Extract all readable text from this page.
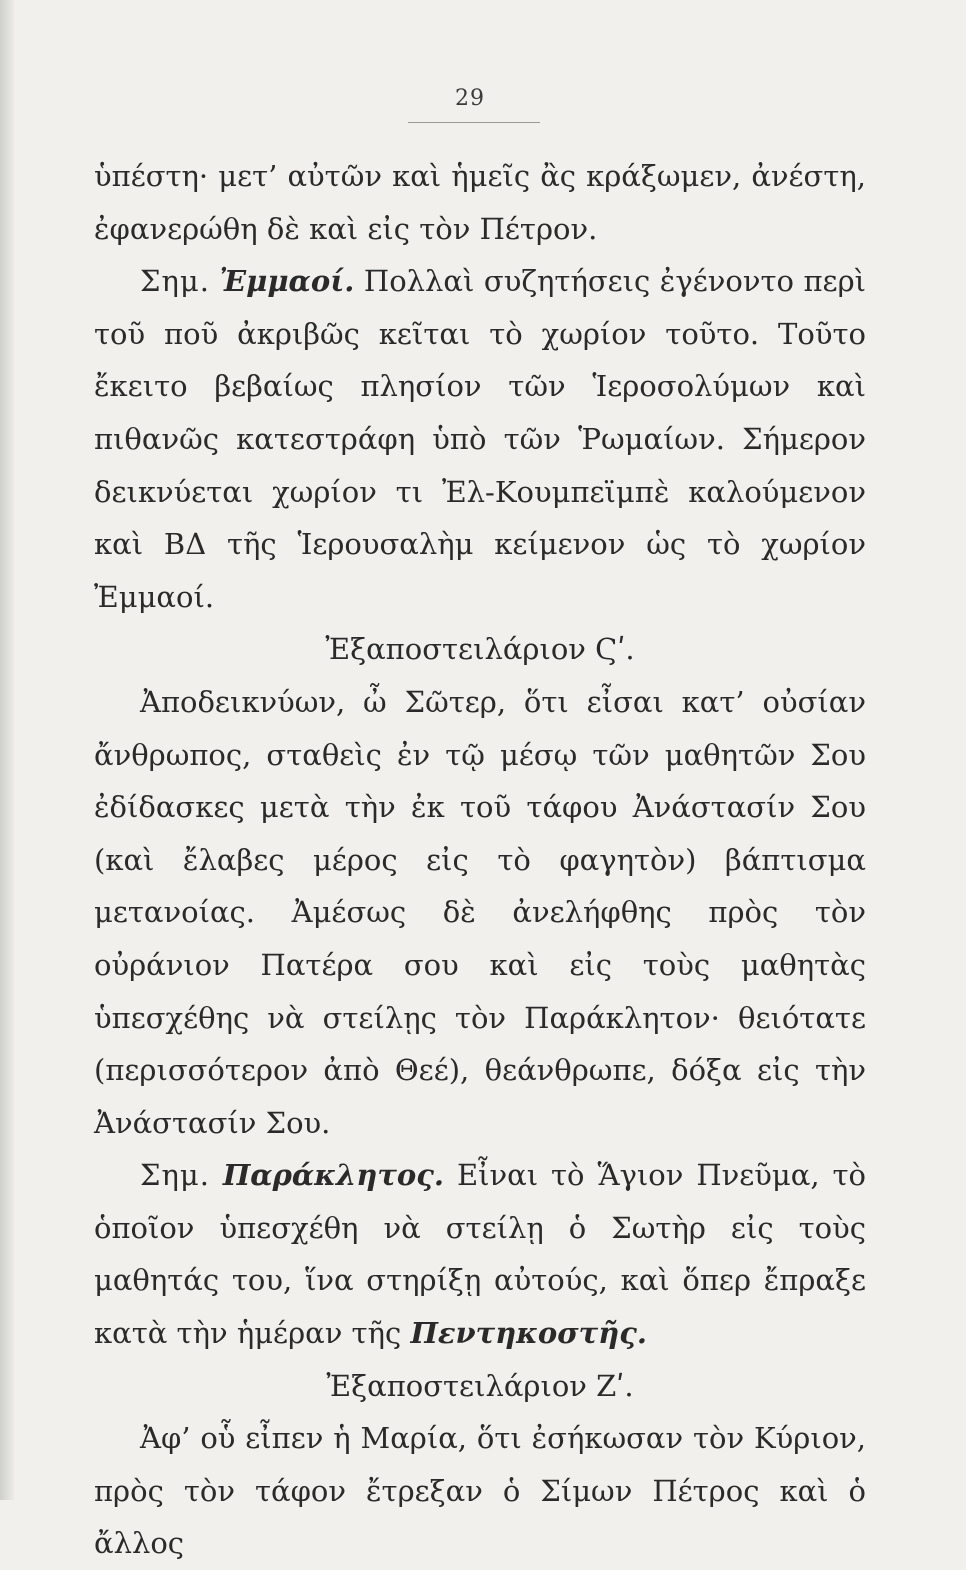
29

ὑπέστη· μετ’ αὐτῶν καὶ ἡμεῖς ἂς κράξωμεν, ἀνέστη, ἐφανερώθη δὲ καὶ εἰς τὸν Πέτρον.

Σημ. Ἐμμαοί. Πολλαὶ συζητήσεις ἐγένοντο περὶ τοῦ ποῦ ἀκριβῶς κεῖται τὸ χωρίον τοῦτο. Τοῦτο ἔκειτο βεβαίως πλησίον τῶν Ἱεροσολύμων καὶ πιθανῶς κατεστράφη ὑπὸ τῶν Ῥωμαίων. Σήμερον δεικνύεται χωρίον τι Ἐλ-Κουμπεϊμπὲ καλούμενον καὶ ΒΔ τῆς Ἱερουσαλὴμ κείμενον ὡς τὸ χωρίον Ἐμμαοί.

Ἐξαποστειλάριον Ϛʹ.

Ἀποδεικνύων, ὦ Σῶτερ, ὅτι εἶσαι κατ’ οὐσίαν ἄνθρωπος, σταθεὶς ἐν τῷ μέσῳ τῶν μαθητῶν Σου ἐδίδασκες μετὰ τὴν ἐκ τοῦ τάφου Ἀνάστασίν Σου (καὶ ἔλαβες μέρος εἰς τὸ φαγητὸν) βάπτισμα μετανοίας. Ἀμέσως δὲ ἀνελήφθης πρὸς τὸν οὐράνιον Πατέρα σου καὶ εἰς τοὺς μαθητὰς ὑπεσχέθης νὰ στείλῃς τὸν Παράκλητον· θειότατε (περισσότερον ἀπὸ Θεέ), θεάνθρωπε, δόξα εἰς τὴν Ἀνάστασίν Σου.

Σημ. Παράκλητος. Εἶναι τὸ Ἅγιον Πνεῦμα, τὸ ὁποῖον ὑπεσχέθη νὰ στείλῃ ὁ Σωτὴρ εἰς τοὺς μαθητάς του, ἵνα στηρίξῃ αὐτούς, καὶ ὅπερ ἔπραξε κατὰ τὴν ἡμέραν τῆς Πεντηκοστῆς.

Ἐξαποστειλάριον Ζʹ.

Ἀφ’ οὗ εἶπεν ἡ Μαρία, ὅτι ἐσήκωσαν τὸν Κύριον, πρὸς τὸν τάφον ἔτρεξαν ὁ Σίμων Πέτρος καὶ ὁ ἄλλος
